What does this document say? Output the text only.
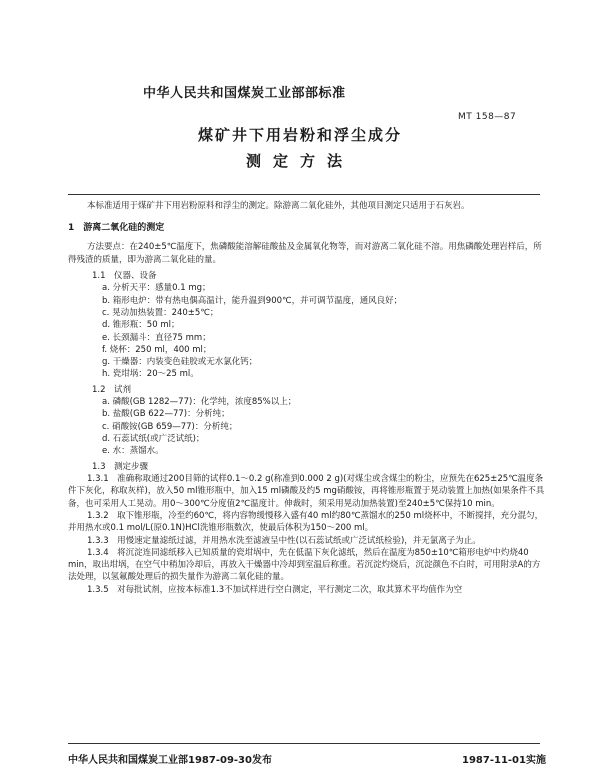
中华人民共和国煤炭工业部部标准
MT 158—87
煤矿井下用岩粉和浮尘成分
测定方法

本标准适用于煤矿井下用岩粉原料和浮尘的测定。除游离二氧化硅外，其他项目测定只适用于石灰岩。

1　游离二氧化硅的测定

方法要点：在240±5℃温度下，焦磷酸能溶解硅酸盐及金属氧化物等，而对游离二氧化硅不溶。用焦磷酸处理岩样后，所得残渣的质量，即为游离二氧化硅的量。

1.1　仪器、设备
a. 分析天平：感量0.1 mg；
b. 箱形电炉：带有热电偶高温计，能升温到900℃，并可调节温度，通风良好；
c. 晃动加热装置：240±5℃；
d. 锥形瓶：50 ml；
e. 长颈漏斗：直径75 mm；
f. 烧杯：250 ml，400 ml；
g. 干燥器：内装变色硅胶或无水氯化钙；
h. 瓷坩埚：20～25 ml。
1.2　试剂
a. 磷酸(GB 1282—77)：化学纯，浓度85%以上；
b. 盐酸(GB 622—77)：分析纯；
c. 硝酸铵(GB 659—77)：分析纯；
d. 石蕊试纸(或广泛试纸)；
e. 水：蒸馏水。
1.3　测定步骤

1.3.1　准确称取通过200目筛的试样0.1～0.2 g(称准到0.000 2 g)(对煤尘或含煤尘的粉尘，应预先在625±25℃温度条件下灰化，称取灰样)，放入50 ml锥形瓶中，加入15 ml磷酸及约5 mg硝酸铵，再将锥形瓶置于晃动装置上加热(如果条件不具备，也可采用人工晃动。用0～300℃分度值2℃温度计。伸裁时，须采用晃动加热装置)至240±5℃保持10 min。

1.3.2　取下锥形瓶，冷至约60℃，将内容物缓慢移入盛有40 ml约80℃蒸馏水的250 ml烧杯中，不断搅拌，充分混匀，并用热水或0.1 mol/L(原0.1N)HCl洗锥形瓶数次，使最后体积为150～200 ml。

1.3.3　用慢速定量滤纸过滤，并用热水洗至滤液呈中性(以石蕊试纸或广泛试纸检验)，并无氯离子为止。

1.3.4　将沉淀连同滤纸移入已知质量的瓷坩埚中，先在低温下灰化滤纸，然后在温度为850±10℃箱形电炉中灼烧40 min，取出坩埚，在空气中稍加冷却后，再放入干燥器中冷却到室温后称重。若沉淀灼烧后，沉淀颜色不白时，可用附录A的方法处理，以氢氟酸处理后的损失量作为游离二氧化硅的量。

1.3.5　对每批试剂，应按本标准1.3不加试样进行空白测定，平行测定二次，取其算术平均值作为空

中华人民共和国煤炭工业部1987-09-30发布	1987-11-01实施
